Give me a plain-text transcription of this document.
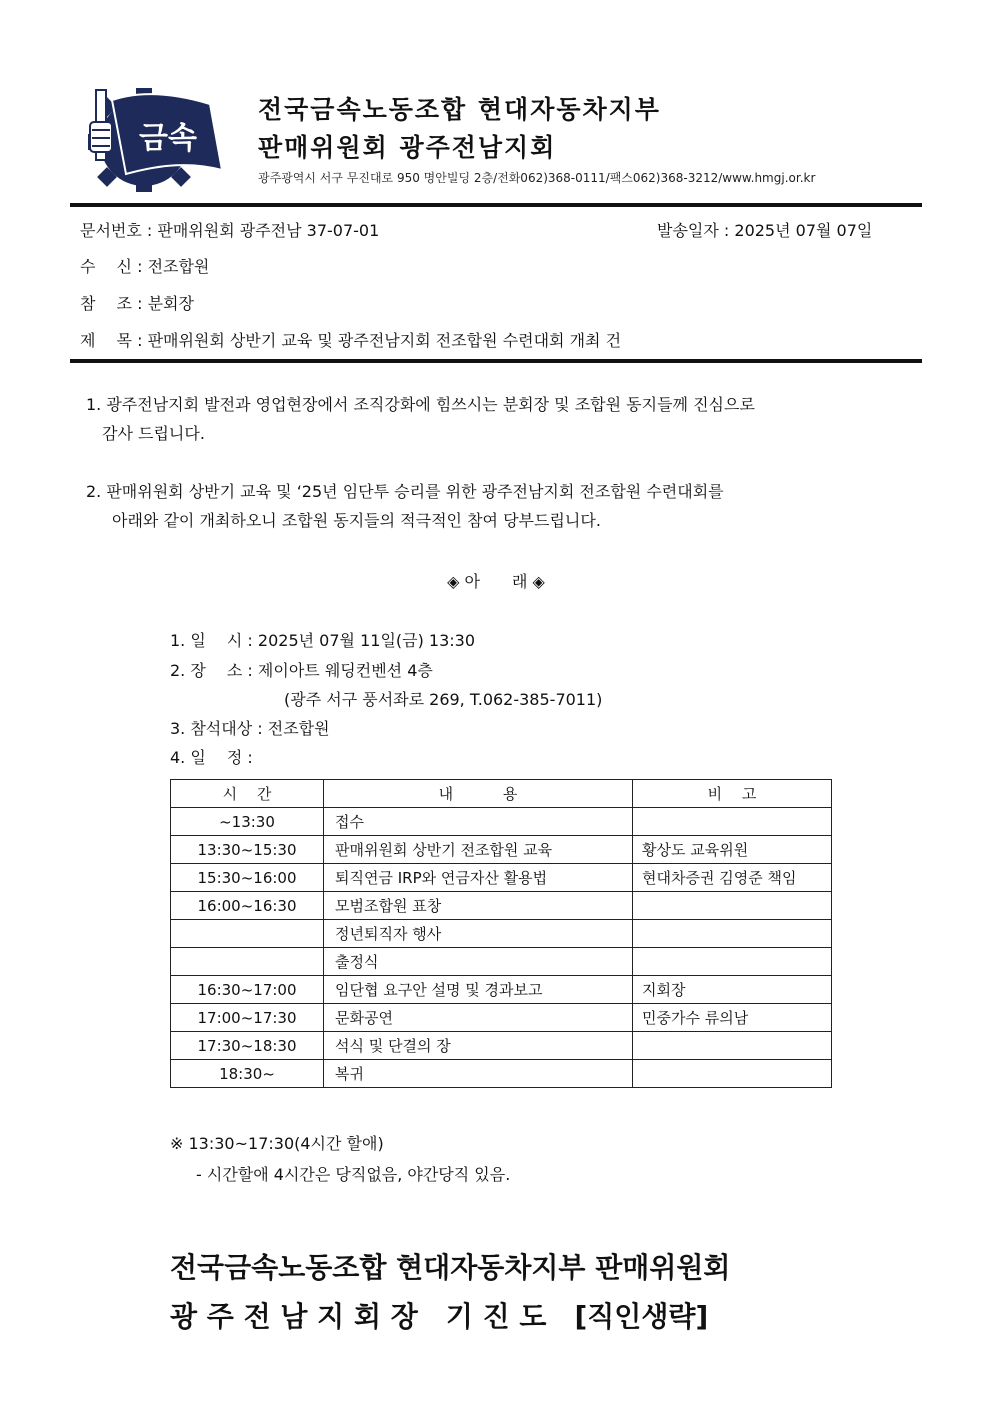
금속
전국금속노동조합 현대자동차지부
판매위원회 광주전남지회
광주광역시 서구 무진대로 950 명안빌딩 2층/전화062)368-0111/팩스062)368-3212/www.hmgj.or.kr
문서번호 : 판매위원회 광주전남 37-07-01	발송일자 : 2025년 07월 07일
수　 신 : 전조합원
참　 조 : 분회장
제　 목 : 판매위원회 상반기 교육 및 광주전남지회 전조합원 수련대회 개최 건
1. 광주전남지회 발전과 영업현장에서 조직강화에 힘쓰시는 분회장 및 조합원 동지들께 진심으로
감사 드립니다.
2. 판매위원회 상반기 교육 및 ‘25년 임단투 승리를 위한 광주전남지회 전조합원 수련대회를
아래와 같이 개최하오니 조합원 동지들의 적극적인 참여 당부드립니다.
◈ 아　　래 ◈
1. 일　 시 : 2025년 07월 11일(금) 13:30
2. 장　 소 : 제이아트 웨딩컨벤션 4층
(광주 서구 풍서좌로 269, T.062-385-7011)
3. 참석대상 : 전조합원
4. 일　 정 :
시　 간	내　　　 용	비　 고
~13:30	접수	
13:30~15:30	판매위원회 상반기 전조합원 교육	황상도 교육위원
15:30~16:00	퇴직연금 IRP와 연금자산 활용법	현대차증권 김영준 책임
16:00~16:30	모범조합원 표창	
	정년퇴직자 행사	
	출정식	
16:30~17:00	임단협 요구안 설명 및 경과보고	지회장
17:00~17:30	문화공연	민중가수 류의남
17:30~18:30	석식 및 단결의 장	
18:30~	복귀	
※ 13:30~17:30(4시간 할애)
- 시간할애 4시간은 당직없음, 야간당직 있음.
전국금속노동조합 현대자동차지부 판매위원회
광 주 전 남 지 회 장　기 진 도　[직인생략]
